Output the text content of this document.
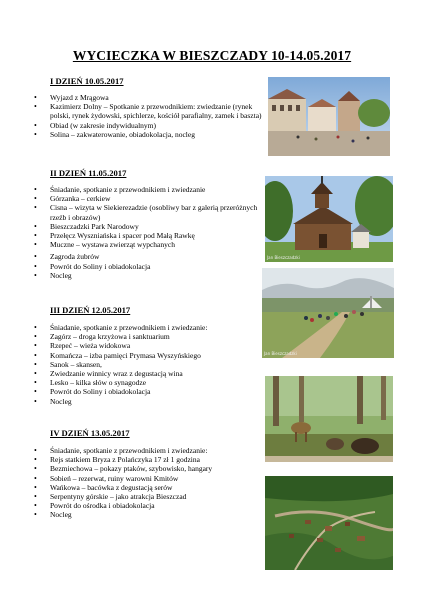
WYCIECZKA W BIESZCZADY 10-14.05.2017
I DZIEŃ 10.05.2017
• Wyjazd z Mrągowa
• Kazimierz Dolny – Spotkanie z przewodnikiem: zwiedzanie (rynek polski, rynek żydowski, spichlerze, kościół parafialny, zamek i baszta)
• Obiad (w zakresie indywidualnym)
• Solina – zakwaterowanie, obiadokolacja, nocleg
II DZIEŃ 11.05.2017
• Śniadanie, spotkanie z przewodnikiem i zwiedzanie
• Górzanka – cerkiew
• Cisna – wizyta w Siekierezadzie (osobliwy bar z galerią przeróżnych rzeźb i obrazów)
• Bieszczadzki Park Narodowy
• Przełęcz Wyszniańska i spacer pod Małą Rawkę
• Muczne – wystawa zwierząt wypchanych
• Zagroda żubrów
• Powrót do Soliny i obiadokolacja
• Nocleg
III DZIEŃ 12.05.2017
• Śniadanie, spotkanie z przewodnikiem i zwiedzanie:
• Zagórz – droga krzyżowa i sanktuarium
• Rzepeć – wieża widokowa
• Komańcza – izba pamięci Prymasa Wyszyńskiego
• Sanok – skansen,
• Zwiedzanie winnicy wraz z degustacją wina
• Lesko – kilka słów o synagodze
• Powrót do Soliny i obiadokolacja
• Nocleg
IV DZIEŃ 13.05.2017
• Śniadanie, spotkanie z przewodnikiem i zwiedzanie:
• Rejs statkiem Bryza z Polańczyka 17 zł 1 godzina
• Bezmiechowa – pokazy ptaków, szybowisko, hangary
• Sobień – rezerwat, ruiny warowni Kmitów
• Wańkowa – bacówka z degustacją serów
• Serpentyny górskie – jako atrakcja Bieszczad
• Powrót do ośrodka i obiadokolacja
• Nocleg
Jan Bieszczadzki
Jan Bieszczadzki
